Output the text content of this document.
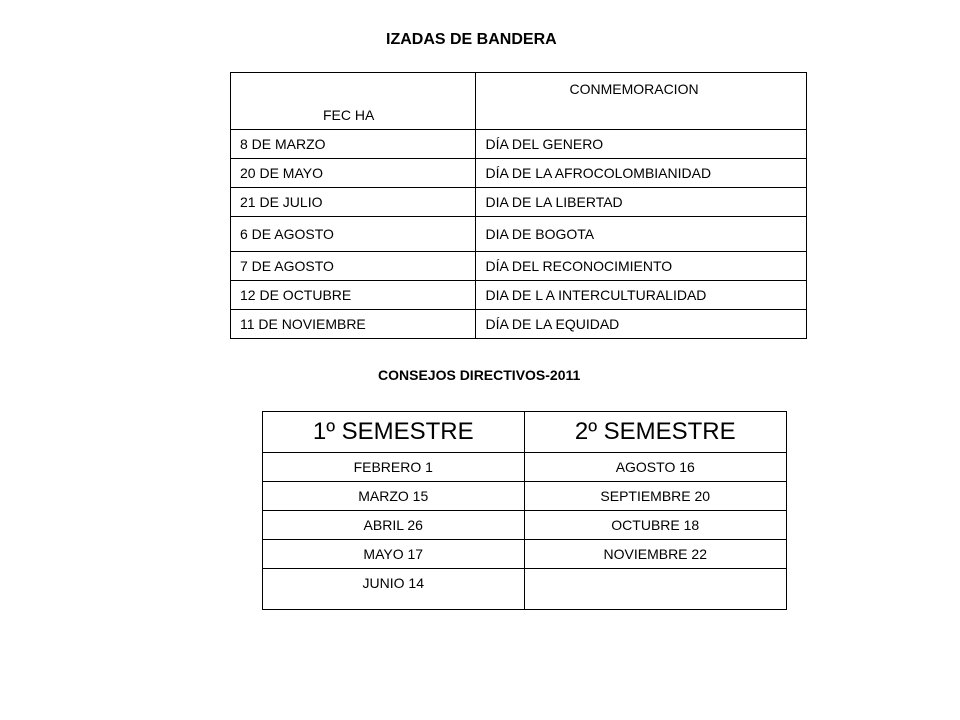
IZADAS DE BANDERA
FEC HA	CONMEMORACION
8 DE MARZO	DÍA DEL GENERO
20 DE MAYO	DÍA DE LA AFROCOLOMBIANIDAD
21 DE JULIO	DIA DE LA LIBERTAD
6 DE AGOSTO	DIA DE BOGOTA
7 DE AGOSTO	DÍA DEL RECONOCIMIENTO
12 DE OCTUBRE	DIA DE L A INTERCULTURALIDAD
11 DE NOVIEMBRE	DÍA DE LA EQUIDAD
CONSEJOS DIRECTIVOS-2011
1º SEMESTRE	2º SEMESTRE
FEBRERO 1	AGOSTO 16
MARZO 15	SEPTIEMBRE 20
ABRIL 26	OCTUBRE 18
MAYO 17	NOVIEMBRE 22
JUNIO 14	
